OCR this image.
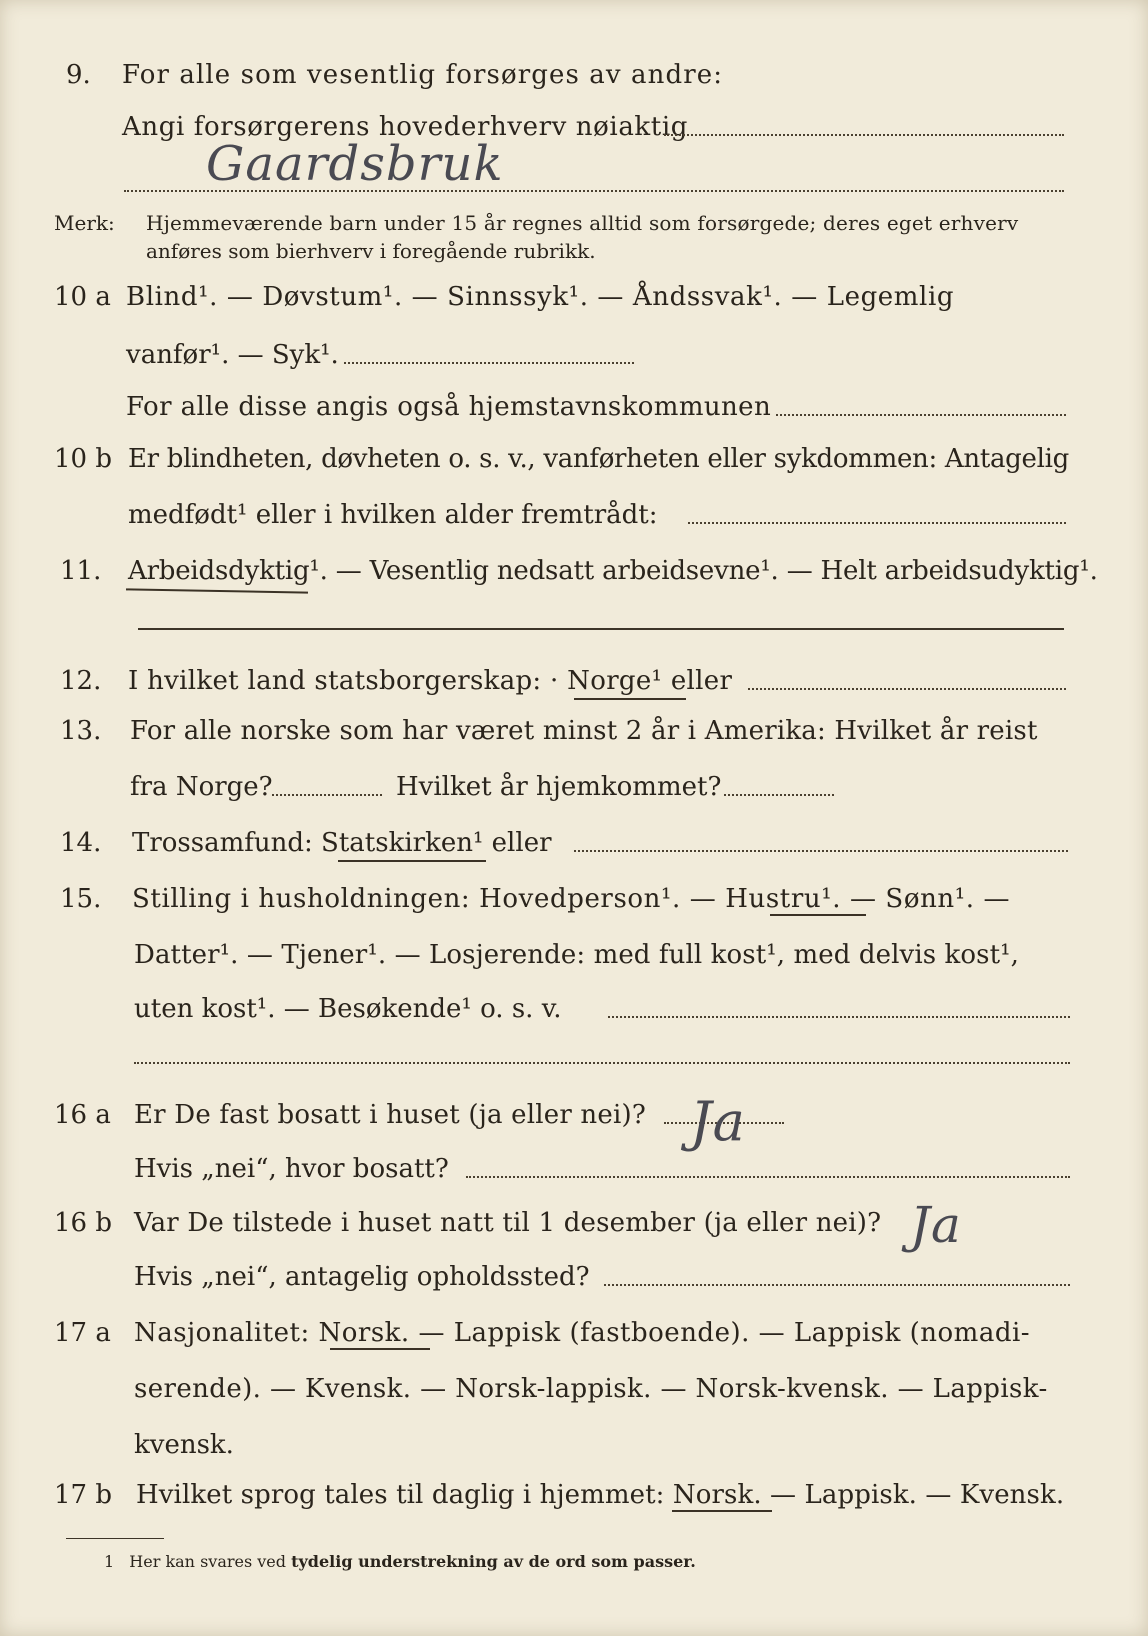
9.	For alle som vesentlig forsørges av andre:
Angi forsørgerens hovederhverv nøiaktig
Gaardsbruk
Merk: Hjemmeværende barn under 15 år regnes alltid som forsørgede; deres eget erhverv
anføres som bierhverv i foregående rubrikk.
10 a Blind¹. — Døvstum¹. — Sinnssyk¹. — Åndssvak¹. — Legemlig
vanfør¹. — Syk¹.
For alle disse angis også hjemstavnskommunen
10 b Er blindheten, døvheten o. s. v., vanførheten eller sykdommen: Antagelig
medfødt¹ eller i hvilken alder fremtrådt:
11.	Arbeidsdyktig¹. — Vesentlig nedsatt arbeidsevne¹. — Helt arbeidsudyktig¹.
12.	I hvilket land statsborgerskap: · Norge¹ eller
13.	For alle norske som har været minst 2 år i Amerika: Hvilket år reist
fra Norge?	Hvilket år hjemkommet?
14.	Trossamfund: Statskirken¹ eller
15.	Stilling i husholdningen: Hovedperson¹. — Hustru¹. — Sønn¹. —
Datter¹. — Tjener¹. — Losjerende: med full kost¹, med delvis kost¹,
uten kost¹. — Besøkende¹ o. s. v.
16 a Er De fast bosatt i huset (ja eller nei)? Ja
Hvis „nei“, hvor bosatt?
16 b Var De tilstede i huset natt til 1 desember (ja eller nei)? Ja
Hvis „nei“, antagelig opholdssted?
17 a Nasjonalitet: Norsk. — Lappisk (fastboende). — Lappisk (nomadi-
serende). — Kvensk. — Norsk-lappisk. — Norsk-kvensk. — Lappisk-
kvensk.
17 b Hvilket sprog tales til daglig i hjemmet: Norsk. — Lappisk. — Kvensk.
1 Her kan svares ved tydelig understrekning av de ord som passer.
